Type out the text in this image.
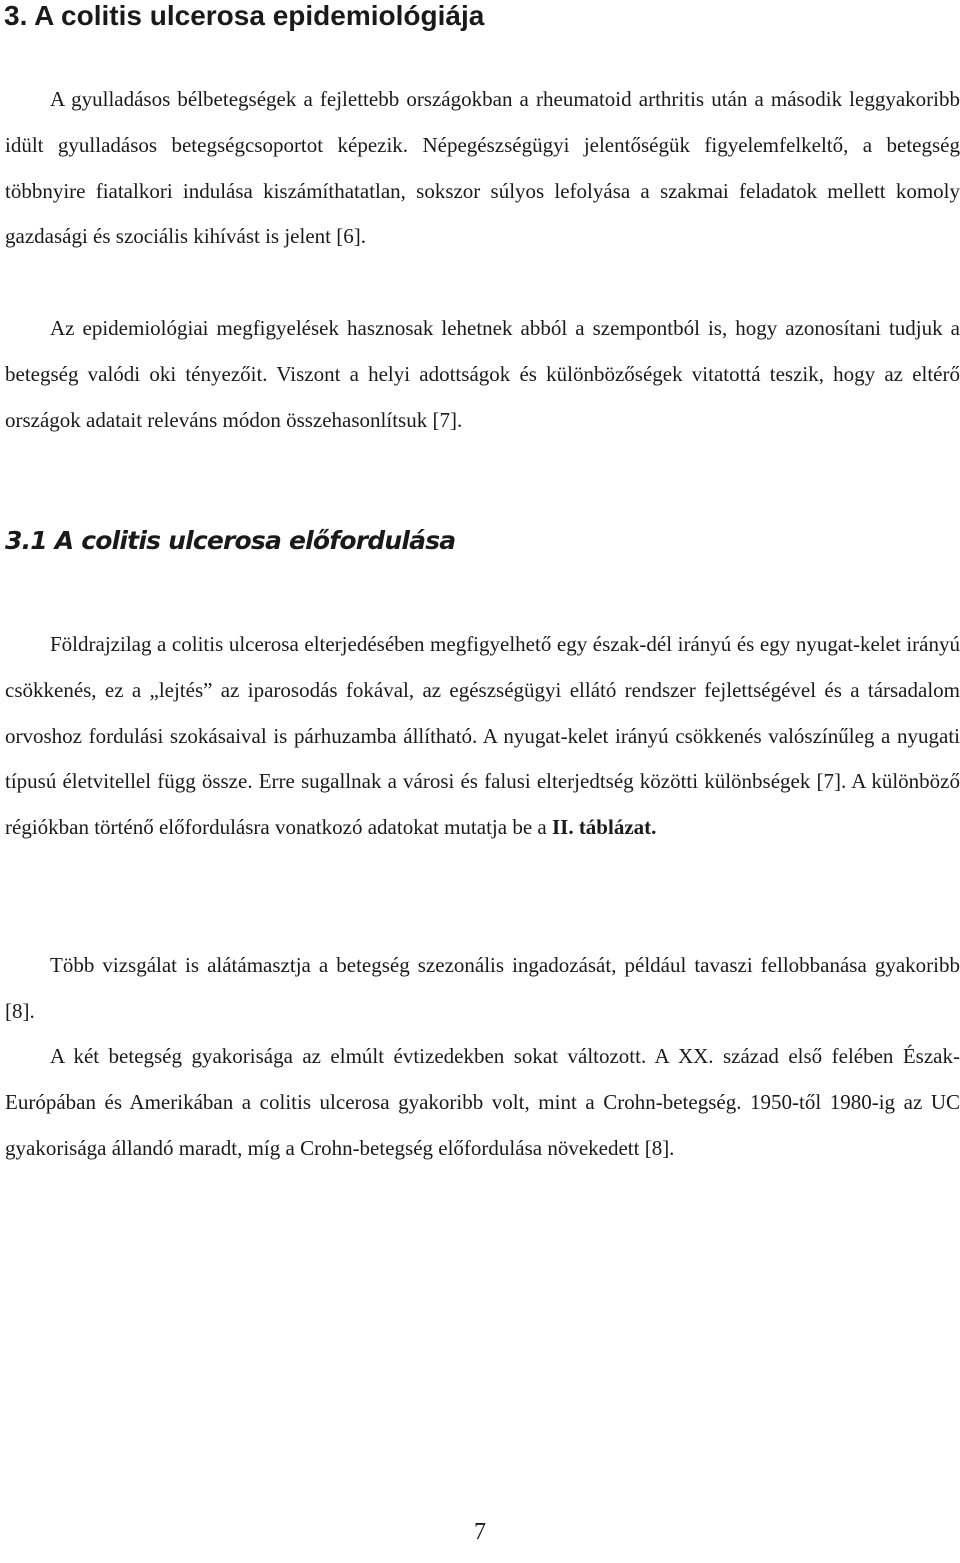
3. A colitis ulcerosa epidemiológiája

A gyulladásos bélbetegségek a fejlettebb országokban a rheumatoid arthritis után a második leggyakoribb idült gyulladásos betegségcsoportot képezik. Népegészségügyi jelentőségük figyelemfelkeltő, a betegség többnyire fiatalkori indulása kiszámíthatatlan, sokszor súlyos lefolyása a szakmai feladatok mellett komoly gazdasági és szociális kihívást is jelent [6].

Az epidemiológiai megfigyelések hasznosak lehetnek abból a szempontból is, hogy azonosítani tudjuk a betegség valódi oki tényezőit. Viszont a helyi adottságok és különbözőségek vitatottá teszik, hogy az eltérő országok adatait releváns módon összehasonlítsuk [7].

3.1 A colitis ulcerosa előfordulása

Földrajzilag a colitis ulcerosa elterjedésében megfigyelhető egy észak-dél irányú és egy nyugat-kelet irányú csökkenés, ez a „lejtés” az iparosodás fokával, az egészségügyi ellátó rendszer fejlettségével és a társadalom orvoshoz fordulási szokásaival is párhuzamba állítható. A nyugat-kelet irányú csökkenés valószínűleg a nyugati típusú életvitellel függ össze. Erre sugallnak a városi és falusi elterjedtség közötti különbségek [7]. A különböző régiókban történő előfordulásra vonatkozó adatokat mutatja be a II. táblázat.

Több vizsgálat is alátámasztja a betegség szezonális ingadozását, például tavaszi fellobbanása gyakoribb [8].

A két betegség gyakorisága az elmúlt évtizedekben sokat változott. A XX. század első felében Észak-Európában és Amerikában a colitis ulcerosa gyakoribb volt, mint a Crohn-betegség. 1950-től 1980-ig az UC gyakorisága állandó maradt, míg a Crohn-betegség előfordulása növekedett [8].

7
